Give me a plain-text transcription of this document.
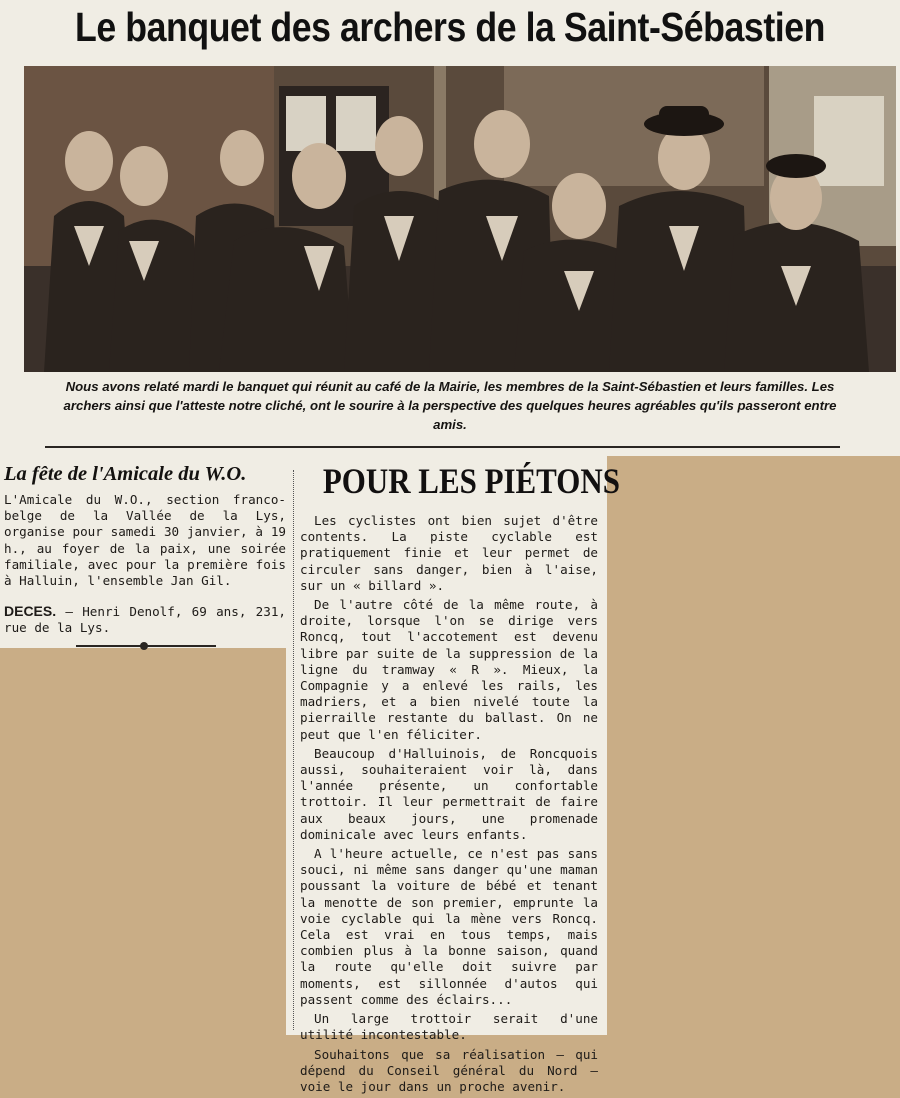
Le banquet des archers de la Saint-Sébastien
Nous avons relaté mardi le banquet qui réunit au café de la Mairie, les membres de la Saint-Sébastien et leurs familles. Les archers ainsi que l'atteste notre cliché, ont le sourire à la perspective des quelques heures agréables qu'ils passeront entre amis.
La fête de l'Amicale du W.O.
L'Amicale du W.O., section franco-belge de la Vallée de la Lys, organise pour samedi 30 janvier, à 19 h., au foyer de la paix, une soirée familiale, avec pour la première fois à Halluin, l'ensemble Jan Gil.
DECES. — Henri Denolf, 69 ans, 231, rue de la Lys.
POUR LES PIÉTONS

Les cyclistes ont bien sujet d'être contents. La piste cyclable est pratiquement finie et leur permet de circuler sans danger, bien à l'aise, sur un « billard ».

De l'autre côté de la même route, à droite, lorsque l'on se dirige vers Roncq, tout l'accotement est devenu libre par suite de la suppression de la ligne du tramway « R ». Mieux, la Compagnie y a enlevé les rails, les madriers, et a bien nivelé toute la pierraille restante du ballast. On ne peut que l'en féliciter.

Beaucoup d'Halluinois, de Roncquois aussi, souhaiteraient voir là, dans l'année présente, un confortable trottoir. Il leur permettrait de faire aux beaux jours, une promenade dominicale avec leurs enfants.

A l'heure actuelle, ce n'est pas sans souci, ni même sans danger qu'une maman poussant la voiture de bébé et tenant la menotte de son premier, emprunte la voie cyclable qui la mène vers Roncq. Cela est vrai en tous temps, mais combien plus à la bonne saison, quand la route qu'elle doit suivre par moments, est sillonnée d'autos qui passent comme des éclairs...

Un large trottoir serait d'une utilité incontestable.

Souhaitons que sa réalisation — qui dépend du Conseil général du Nord — voie le jour dans un proche avenir.
